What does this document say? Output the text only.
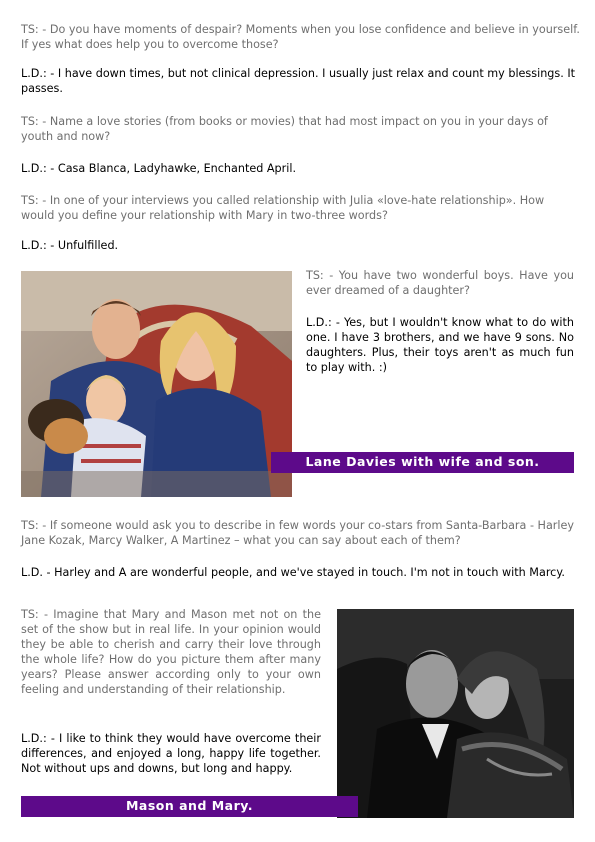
TS: - Do you have moments of despair? Moments when you lose confidence and believe in yourself. If yes what does help you to overcome those?

L.D.: - I have down times, but not clinical depression. I usually just relax and count my blessings. It passes.

TS: - Name a love stories (from books or movies) that had most impact on you in your days of youth and now?

L.D.: - Casa Blanca, Ladyhawke, Enchanted April.

TS: - In one of your interviews you called relationship with Julia «love-hate relationship». How would you define your relationship with Mary in two-three words?

L.D.: - Unfulfilled.

TS: - You have two wonderful boys. Have you ever dreamed of a daughter?

L.D.: - Yes, but I wouldn't know what to do with one. I have 3 brothers, and we have 9 sons. No daughters. Plus, their toys aren't as much fun to play with. :)

Lane Davies with wife and son.

TS: - If someone would ask you to describe in few words your co-stars from Santa-Barbara - Harley Jane Kozak, Marcy Walker, A Martinez – what you can say about each of them?

L.D. - Harley and A are wonderful people, and we've stayed in touch. I'm not in touch with Marcy.

TS: - Imagine that Mary and Mason met not on the set of the show but in real life. In your opinion would they be able to cherish and carry their love through the whole life? How do you picture them after many years? Please answer according only to your own feeling and understanding of their relationship.

L.D.: - I like to think they would have overcome their differences, and enjoyed a long, happy life together. Not without ups and downs, but long and happy.

Mason and Mary.
